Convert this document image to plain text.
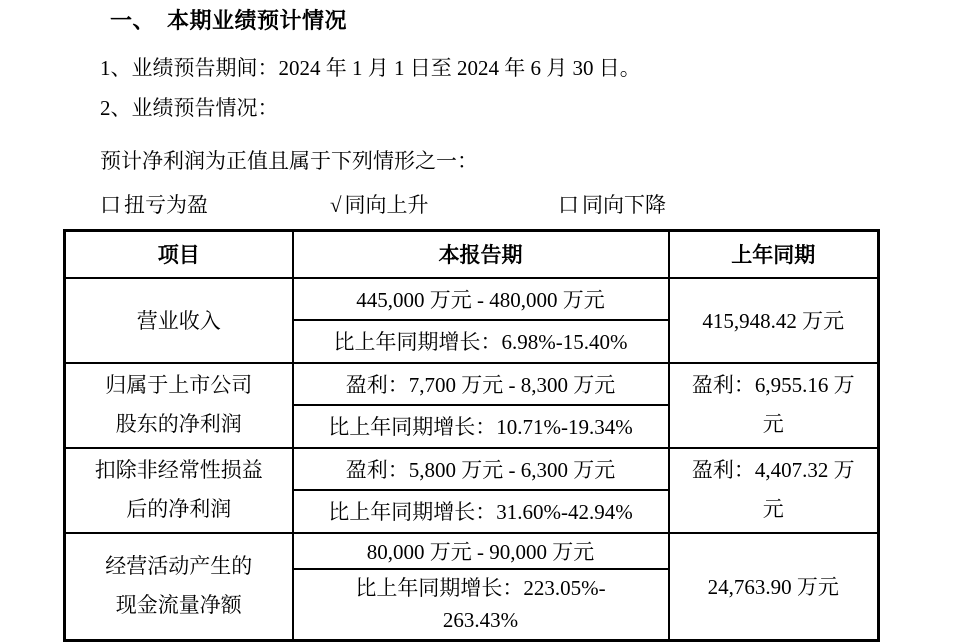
一、 本期业绩预计情况

1、业绩预告期间：2024 年 1 月 1 日至 2024 年 6 月 30 日。

2、业绩预告情况：

预计净利润为正值且属于下列情形之一：

口 扭亏为盈	√ 同向上升	口 同向下降
项目	本报告期	上年同期

营业收入	445,000 万元 - 480,000 万元	415,948.42 万元

	比上年同期增长：6.98%-15.40%	

归属于上市公司
股东的净利润
	盈利：7,700 万元 - 8,300 万元	盈利：6,955.16 万
元

	比上年同期增长：10.71%-19.34%	

扣除非经常性损益
后的净利润
	盈利：5,800 万元 - 6,300 万元	盈利：4,407.32 万
元

	比上年同期增长：31.60%-42.94%	

经营活动产生的
现金流量净额	80,000 万元 - 90,000 万元	24,763.90 万元

	比上年同期增长：223.05%-
263.43%	
